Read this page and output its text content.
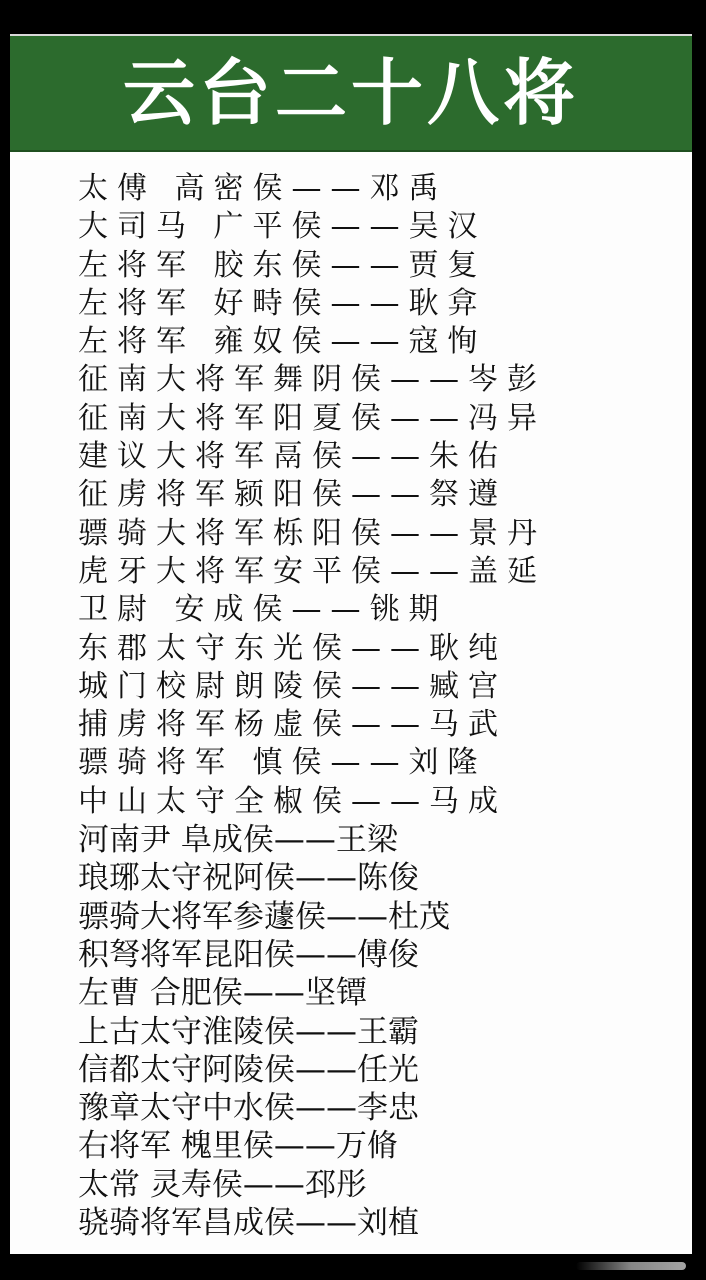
云台二十八将
太傅 高密侯——邓禹
大司马 广平侯——吴汉
左将军 胶东侯——贾复
左将军 好畤侯——耿弇
左将军 雍奴侯——寇恂
征南大将军舞阴侯——岑彭
征南大将军阳夏侯——冯异
建议大将军鬲侯——朱佑
征虏将军颍阳侯——祭遵
骠骑大将军栎阳侯——景丹
虎牙大将军安平侯——盖延
卫尉 安成侯——铫期
东郡太守东光侯——耿纯
城门校尉朗陵侯——臧宫
捕虏将军杨虚侯——马武
骠骑将军 慎侯——刘隆
中山太守全椒侯——马成
河南尹 阜成侯——王梁
琅琊太守祝阿侯——陈俊
骠骑大将军参蘧侯——杜茂
积弩将军昆阳侯——傅俊
左曹 合肥侯——坚镡
上古太守淮陵侯——王霸
信都太守阿陵侯——任光
豫章太守中水侯——李忠
右将军 槐里侯——万脩
太常 灵寿侯——邳彤
骁骑将军昌成侯——刘植
